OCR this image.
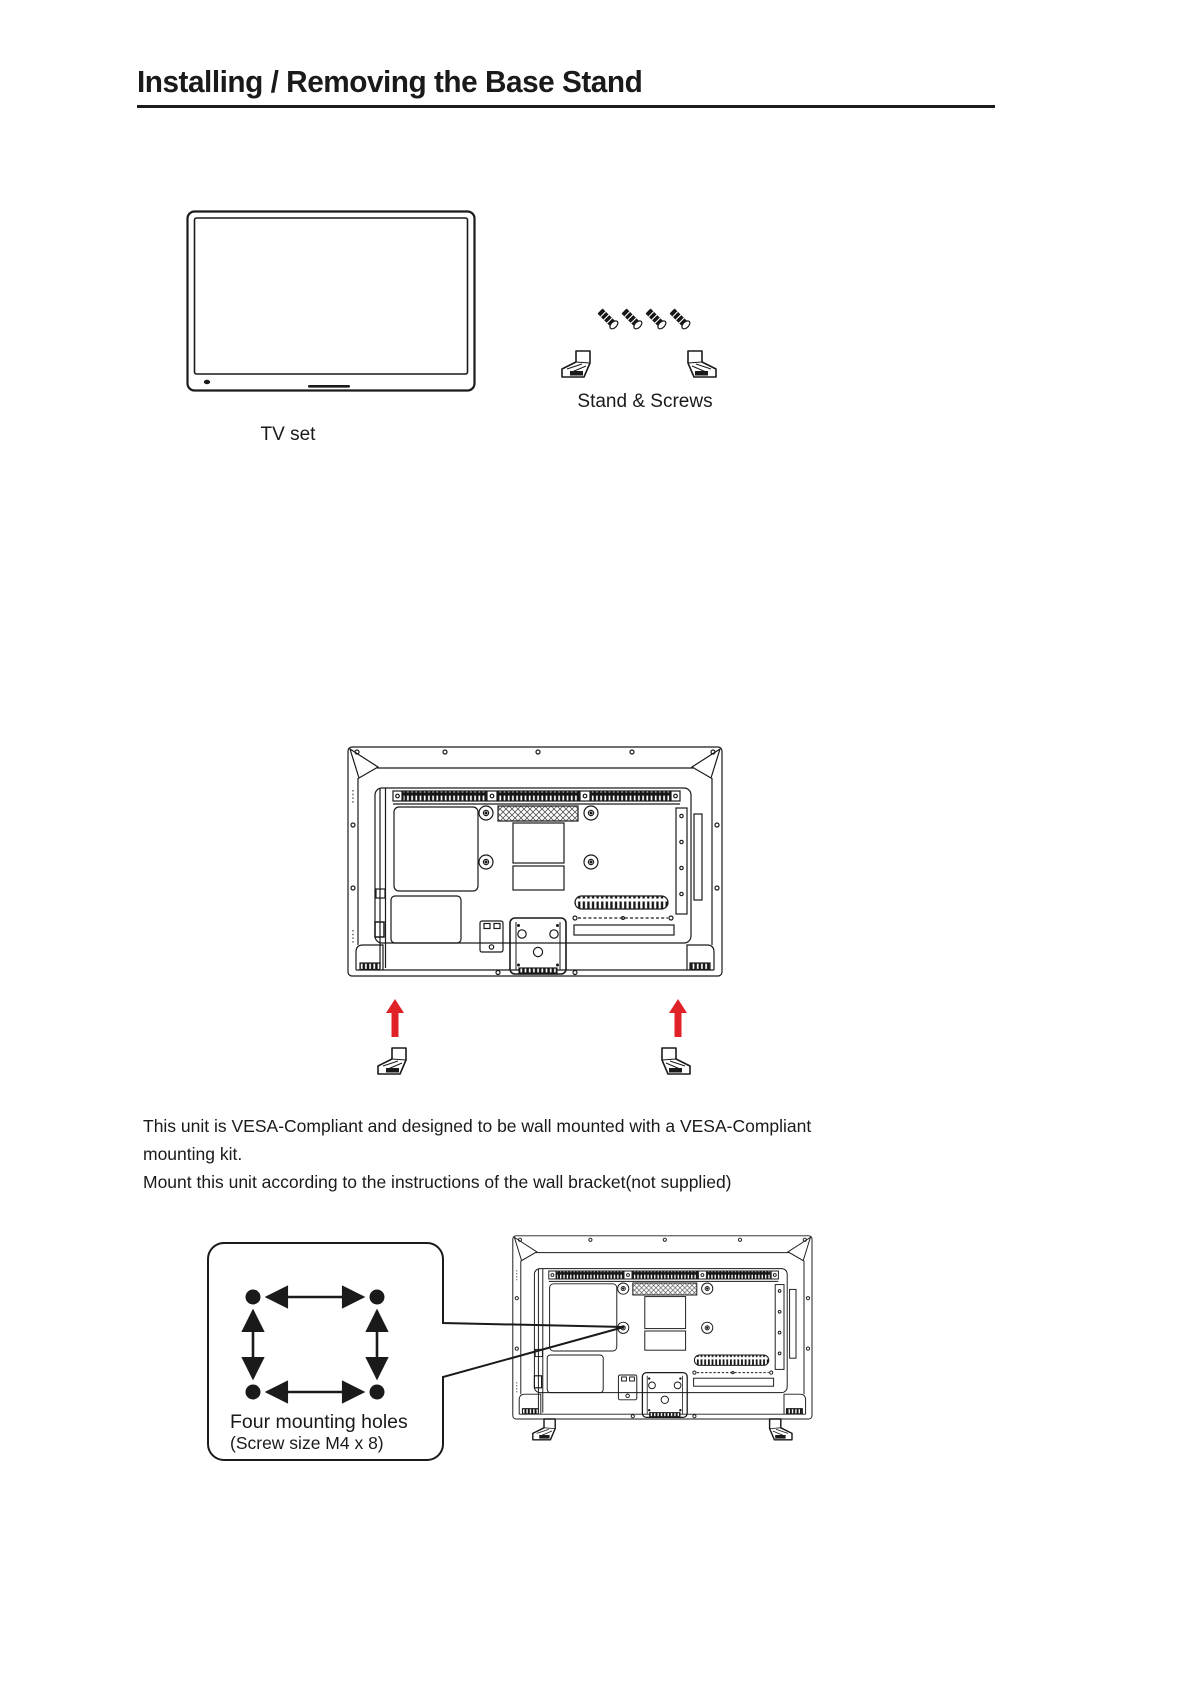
Installing / Removing the Base Stand
TV set
Stand & Screws
This unit is VESA-Compliant and designed to be wall mounted with a VESA-Compliant
mounting kit.
Mount this unit according to the instructions of the wall bracket(not supplied)
Four mounting holes
(Screw size M4 x 8)
